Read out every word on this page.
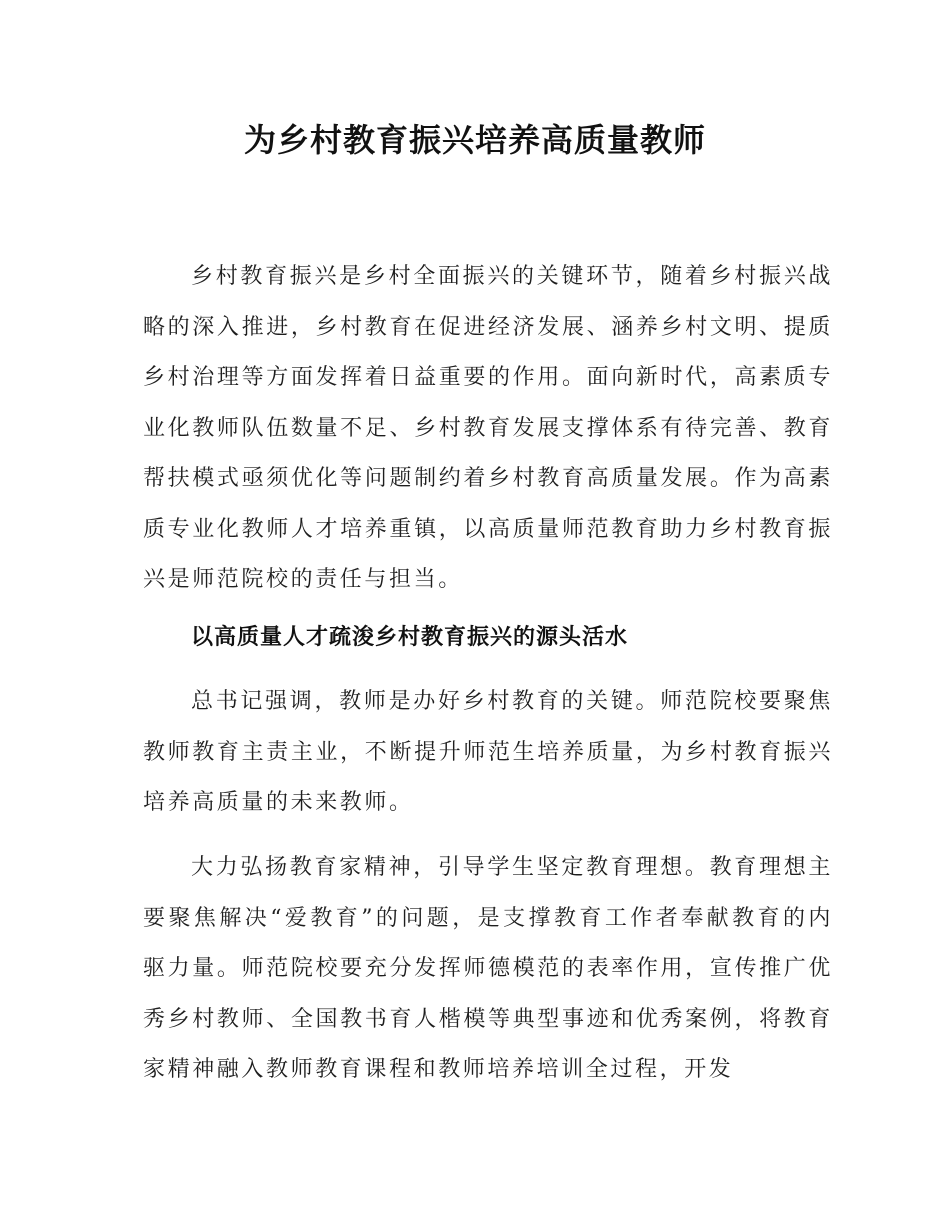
为乡村教育振兴培养高质量教师

乡村教育振兴是乡村全面振兴的关键环节，随着乡村振兴战略的深入推进，乡村教育在促进经济发展、涵养乡村文明、提质乡村治理等方面发挥着日益重要的作用。面向新时代，高素质专业化教师队伍数量不足、乡村教育发展支撑体系有待完善、教育帮扶模式亟须优化等问题制约着乡村教育高质量发展。作为高素质专业化教师人才培养重镇，以高质量师范教育助力乡村教育振兴是师范院校的责任与担当。

以高质量人才疏浚乡村教育振兴的源头活水

总书记强调，教师是办好乡村教育的关键。师范院校要聚焦教师教育主责主业，不断提升师范生培养质量，为乡村教育振兴培养高质量的未来教师。

大力弘扬教育家精神，引导学生坚定教育理想。教育理想主要聚焦解决“爱教育”的问题，是支撑教育工作者奉献教育的内驱力量。师范院校要充分发挥师德模范的表率作用，宣传推广优秀乡村教师、全国教书育人楷模等典型事迹和优秀案例，将教育家精神融入教师教育课程和教师培养培训全过程，开发
